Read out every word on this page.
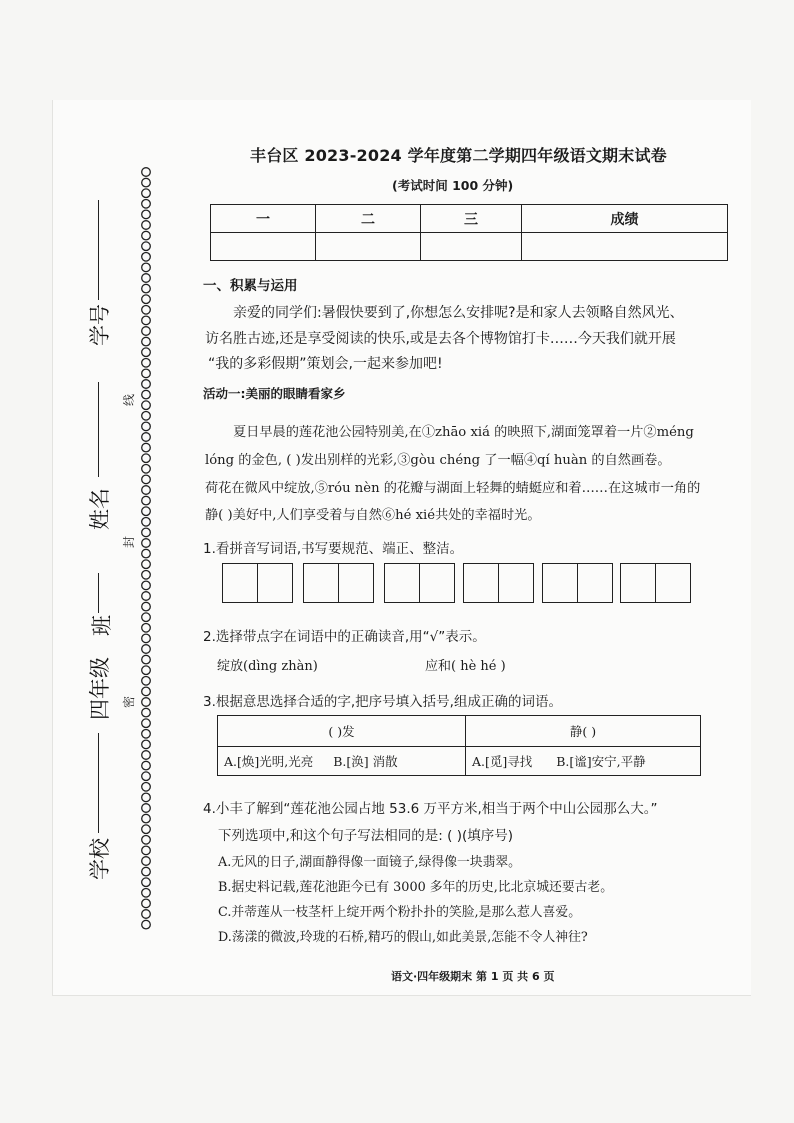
学号
姓名
班
四年级
学校
线
封
密
丰台区 2023-2024 学年度第二学期四年级语文期末试卷
(考试时间 100 分钟)
一	二	三	成绩

一、积累与运用
亲爱的同学们:暑假快要到了,你想怎么安排呢?是和家人去领略自然风光、
访名胜古迹,还是享受阅读的快乐,或是去各个博物馆打卡……今天我们就开展
“我的多彩假期”策划会,一起来参加吧!
活动一:美丽的眼睛看家乡
夏日早晨的莲花池公园特别美,在①zhāo xiá 的映照下,湖面笼罩着一片②méng
lóng 的金色, ( )发出别样的光彩,③gòu chéng 了一幅④qí huàn 的自然画卷。
荷花在微风中绽放,⑤róu nèn 的花瓣与湖面上轻舞的蜻蜓应和着……在这城市一角的
静( )美好中,人们享受着与自然⑥hé xié共处的幸福时光。
1.看拼音写词语,书写要规范、端正、整洁。
2.选择带点字在词语中的正确读音,用“√”表示。
绽放(dìng zhàn)	应和( hè hé )
3.根据意思选择合适的字,把序号填入括号,组成正确的词语。
( )发	静( )
A.[焕]光明,光亮 B.[涣] 消散	A.[觅]寻找 B.[谧]安宁,平静
4.小丰了解到“莲花池公园占地 53.6 万平方米,相当于两个中山公园那么大。”
下列选项中,和这个句子写法相同的是: ( )(填序号)
A.无风的日子,湖面静得像一面镜子,绿得像一块翡翠。
B.据史料记载,莲花池距今已有 3000 多年的历史,比北京城还要古老。
C.并蒂莲从一枝茎杆上绽开两个粉扑扑的笑脸,是那么惹人喜爱。
D.荡漾的微波,玲珑的石桥,精巧的假山,如此美景,怎能不令人神往?
语文·四年级期末 第 1 页 共 6 页
